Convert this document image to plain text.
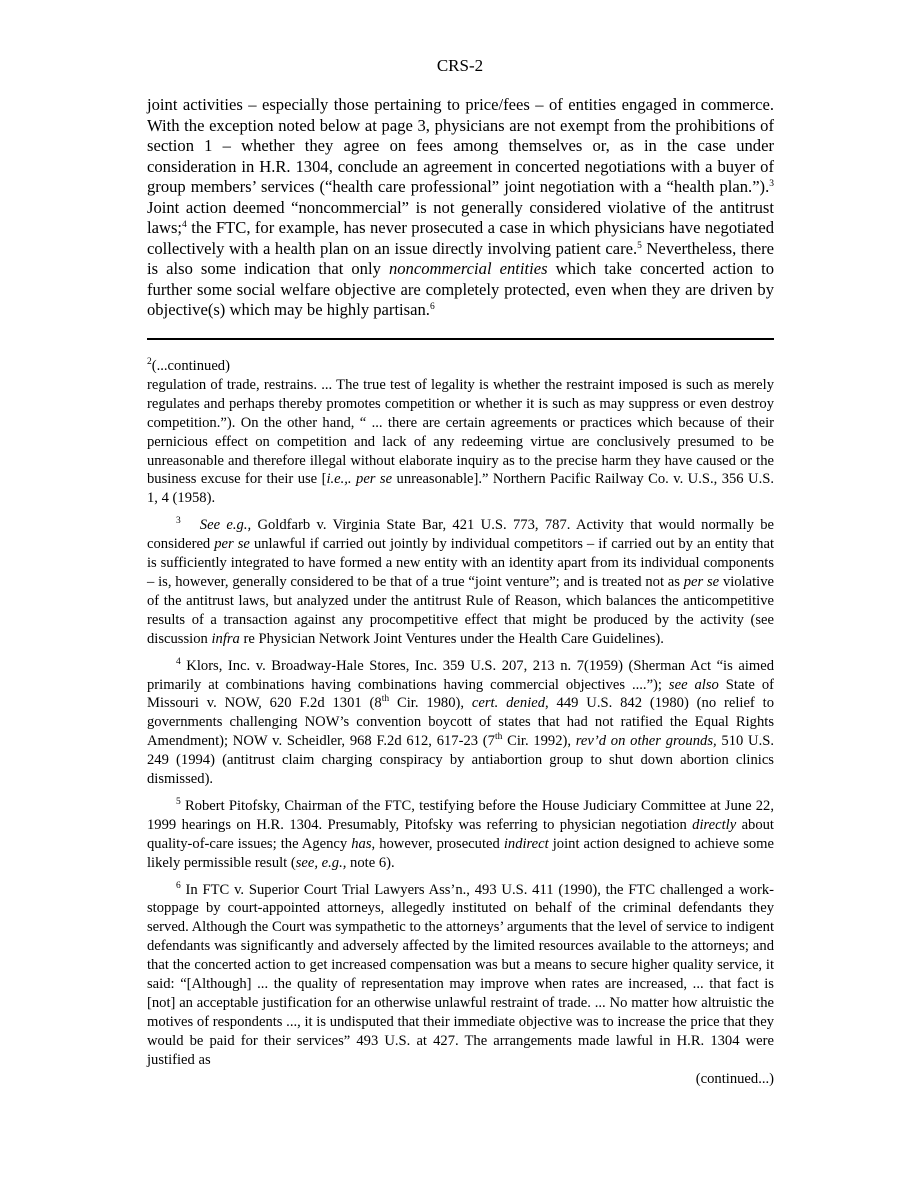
CRS-2

joint activities – especially those pertaining to price/fees – of entities engaged in commerce. With the exception noted below at page 3, physicians are not exempt from the prohibitions of section 1 – whether they agree on fees among themselves or, as in the case under consideration in H.R. 1304, conclude an agreement in concerted negotiations with a buyer of group members’ services (“health care professional” joint negotiation with a “health plan.”).$^3$ Joint action deemed “noncommercial” is not generally considered violative of the antitrust laws;$^4$ the FTC, for example, has never prosecuted a case in which physicians have negotiated collectively with a health plan on an issue directly involving patient care.$^5$ Nevertheless, there is also some indication that only noncommercial entities which take concerted action to further some social welfare objective are completely protected, even when they are driven by objective(s) which may be highly partisan.$^6$

$^2$(...continued)

regulation of trade, restrains. ... The true test of legality is whether the restraint imposed is such as merely regulates and perhaps thereby promotes competition or whether it is such as may suppress or even destroy competition.”). On the other hand, “ ... there are certain agreements or practices which because of their pernicious effect on competition and lack of any redeeming virtue are conclusively presumed to be unreasonable and therefore illegal without elaborate inquiry as to the precise harm they have caused or the business excuse for their use [i.e.,. per se unreasonable].” Northern Pacific Railway Co. v. U.S., 356 U.S. 1, 4 (1958).

$^3$ See e.g., Goldfarb v. Virginia State Bar, 421 U.S. 773, 787. Activity that would normally be considered per se unlawful if carried out jointly by individual competitors – if carried out by an entity that is sufficiently integrated to have formed a new entity with an identity apart from its individual components – is, however, generally considered to be that of a true “joint venture”; and is treated not as per se violative of the antitrust laws, but analyzed under the antitrust Rule of Reason, which balances the anticompetitive results of a transaction against any procompetitive effect that might be produced by the activity (see discussion infra re Physician Network Joint Ventures under the Health Care Guidelines).

$^4$ Klors, Inc. v. Broadway-Hale Stores, Inc. 359 U.S. 207, 213 n. 7(1959) (Sherman Act “is aimed primarily at combinations having combinations having commercial objectives ....”); see also State of Missouri v. NOW, 620 F.2d 1301 (8th Cir. 1980), cert. denied, 449 U.S. 842 (1980) (no relief to governments challenging NOW’s convention boycott of states that had not ratified the Equal Rights Amendment); NOW v. Scheidler, 968 F.2d 612, 617-23 (7th Cir. 1992), rev’d on other grounds, 510 U.S. 249 (1994) (antitrust claim charging conspiracy by antiabortion group to shut down abortion clinics dismissed).

$^5$ Robert Pitofsky, Chairman of the FTC, testifying before the House Judiciary Committee at June 22, 1999 hearings on H.R. 1304. Presumably, Pitofsky was referring to physician negotiation directly about quality-of-care issues; the Agency has, however, prosecuted indirect joint action designed to achieve some likely permissible result (see, e.g., note 6).

$^6$ In FTC v. Superior Court Trial Lawyers Ass’n., 493 U.S. 411 (1990), the FTC challenged a work-stoppage by court-appointed attorneys, allegedly instituted on behalf of the criminal defendants they served. Although the Court was sympathetic to the attorneys’ arguments that the level of service to indigent defendants was significantly and adversely affected by the limited resources available to the attorneys; and that the concerted action to get increased compensation was but a means to secure higher quality service, it said: “[Although] ... the quality of representation may improve when rates are increased, ... that fact is [not] an acceptable justification for an otherwise unlawful restraint of trade. ... No matter how altruistic the motives of respondents ..., it is undisputed that their immediate objective was to increase the price that they would be paid for their services” 493 U.S. at 427. The arrangements made lawful in H.R. 1304 were justified as

(continued...)
